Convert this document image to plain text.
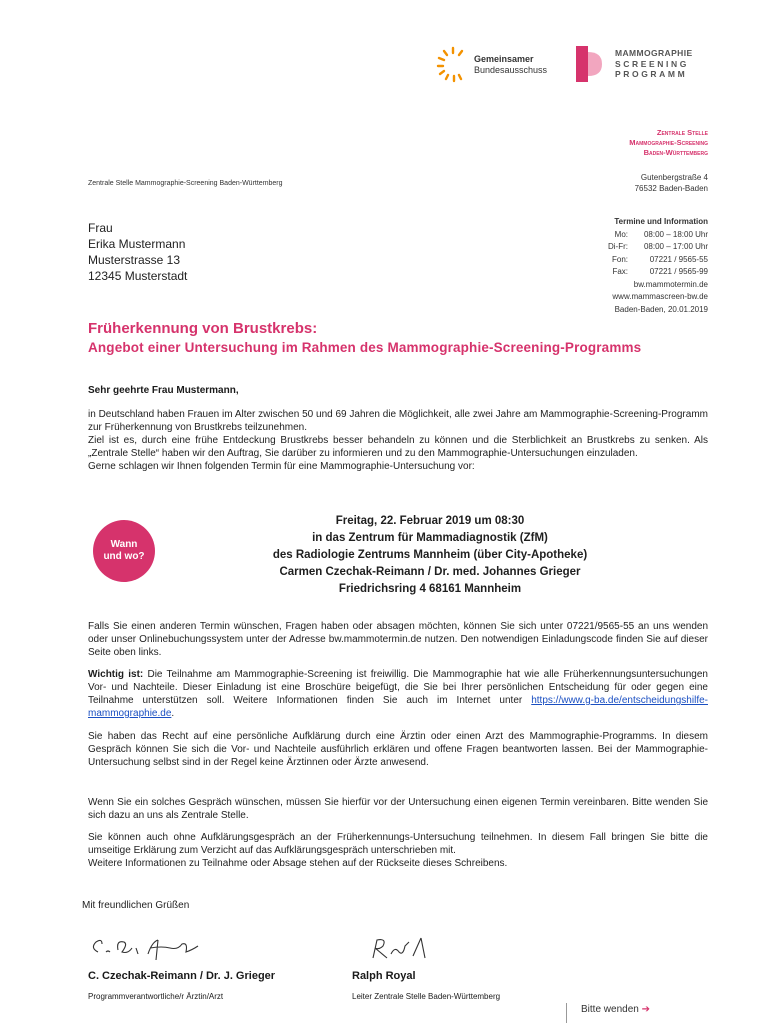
Gemeinsamer
Bundesausschuss
MAMMOGRAPHIE
SCREENING
PROGRAMM
Zentrale Stelle
Mammographie-Screening
Baden-Württemberg
Gutenbergstraße 4
76532 Baden-Baden
Zentrale Stelle Mammographie-Screening Baden-Württemberg
Frau
Erika Mustermann
Musterstrasse 13
12345 Musterstadt
Termine und Information
Mo: 08:00 – 18:00 Uhr
Di-Fr: 08:00 – 17:00 Uhr
Fon:	07221 / 9565-55
Fax:	07221 / 9565-99
bw.mammotermin.de
www.mammascreen-bw.de
Baden-Baden, 20.01.2019
Früherkennung von Brustkrebs:
Angebot einer Untersuchung im Rahmen des Mammographie-Screening-Programms
Sehr geehrte Frau Mustermann,

in Deutschland haben Frauen im Alter zwischen 50 und 69 Jahren die Möglichkeit, alle zwei Jahre am Mammographie-Screening-Programm zur Früherkennung von Brustkrebs teilzunehmen.

Ziel ist es, durch eine frühe Entdeckung Brustkrebs besser behandeln zu können und die Sterblichkeit an Brustkrebs zu senken. Als „Zentrale Stelle“ haben wir den Auftrag, Sie darüber zu informieren und zu den Mammographie-Untersuchungen einzuladen.

Gerne schlagen wir Ihnen folgenden Termin für eine Mammographie-Untersuchung vor:

Wann
und wo?
Freitag, 22. Februar 2019 um 08:30
in das Zentrum für Mammadiagnostik (ZfM)
des Radiologie Zentrums Mannheim (über City-Apotheke)
Carmen Czechak-Reimann / Dr. med. Johannes Grieger
Friedrichsring 4 68161 Mannheim
Falls Sie einen anderen Termin wünschen, Fragen haben oder absagen möchten, können Sie sich unter 07221/9565-55 an uns wenden oder unser Onlinebuchungssystem unter der Adresse bw.mammotermin.de nutzen. Den notwendigen Einladungscode finden Sie auf dieser Seite oben links.
Wichtig ist: Die Teilnahme am Mammographie-Screening ist freiwillig. Die Mammographie hat wie alle Früherkennungsuntersuchungen Vor- und Nachteile. Dieser Einladung ist eine Broschüre beigefügt, die Sie bei Ihrer persönlichen Entscheidung für oder gegen eine Teilnahme unterstützen soll. Weitere Informationen finden Sie auch im Internet unter https://www.g-ba.de/entscheidungshilfe-mammographie.de.
Sie haben das Recht auf eine persönliche Aufklärung durch eine Ärztin oder einen Arzt des Mammographie-Programms. In diesem Gespräch können Sie sich die Vor- und Nachteile ausführlich erklären und offene Fragen beantworten lassen. Bei der Mammographie-Untersuchung selbst sind in der Regel keine Ärztinnen oder Ärzte anwesend.
Wenn Sie ein solches Gespräch wünschen, müssen Sie hierfür vor der Untersuchung einen eigenen Termin vereinbaren. Bitte wenden Sie sich dazu an uns als Zentrale Stelle.

Sie können auch ohne Aufklärungsgespräch an der Früherkennungs-Untersuchung teilnehmen. In diesem Fall bringen Sie bitte die umseitige Erklärung zum Verzicht auf das Aufklärungsgespräch unterschrieben mit.

Weitere Informationen zu Teilnahme oder Absage stehen auf der Rückseite dieses Schreibens.

Mit freundlichen Grüßen
C. Czechak-Reimann / Dr. J. Grieger
Programmverantwortliche/r Ärztin/Arzt
Ralph Royal
Leiter Zentrale Stelle Baden-Württemberg
Bitte wenden ➔
